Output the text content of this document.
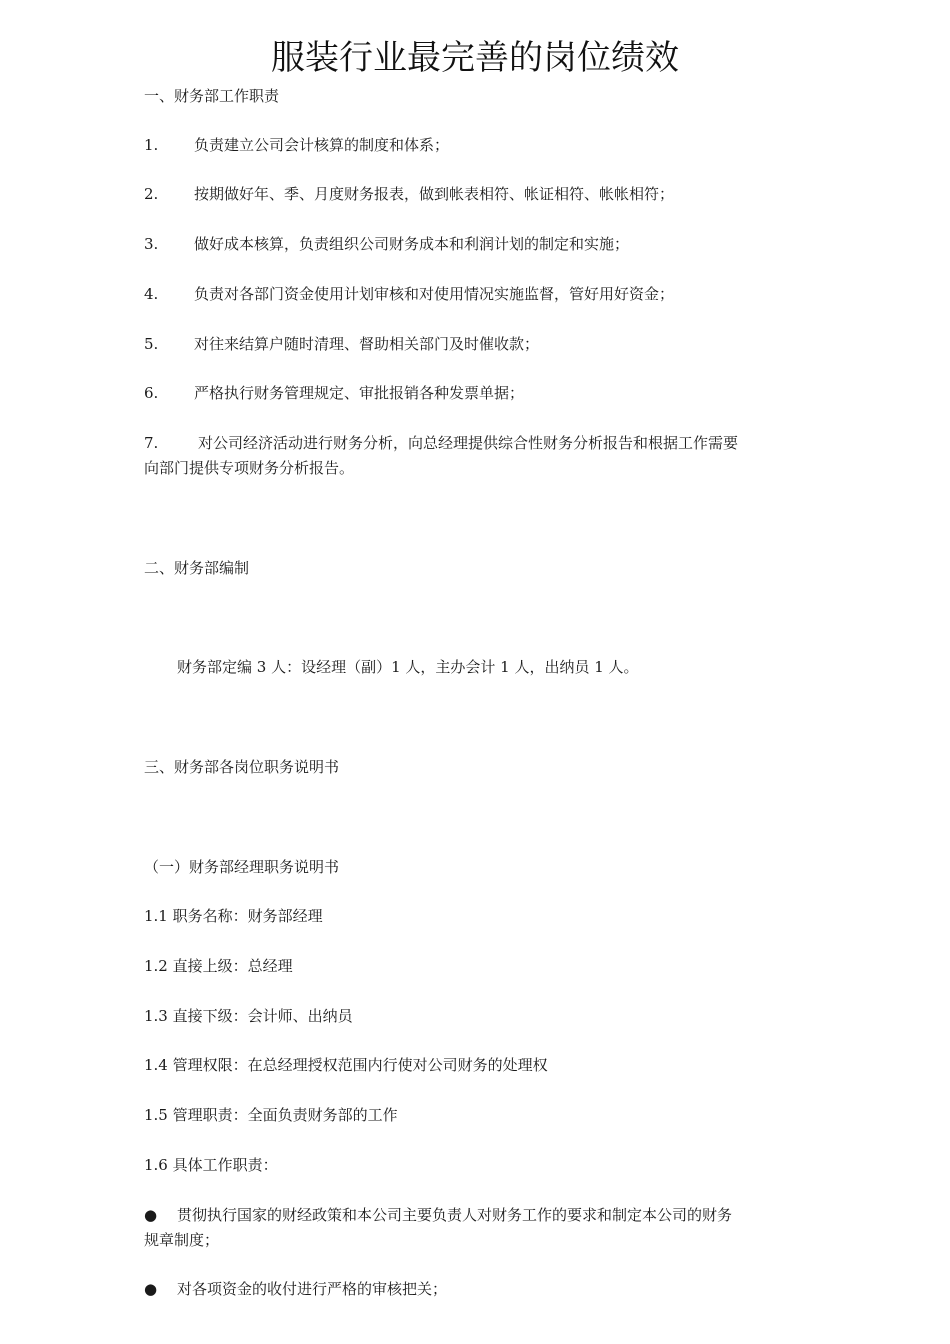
服装行业最完善的岗位绩效
一、财务部工作职责
1. 负责建立公司会计核算的制度和体系；
2. 按期做好年、季、月度财务报表，做到帐表相符、帐证相符、帐帐相符；
3. 做好成本核算，负责组织公司财务成本和利润计划的制定和实施；
4. 负责对各部门资金使用计划审核和对使用情况实施监督，管好用好资金；
5. 对往来结算户随时清理、督助相关部门及时催收款；
6. 严格执行财务管理规定、审批报销各种发票单据；
7.	对公司经济活动进行财务分析，向总经理提供综合性财务分析报告和根据工作需要
向部门提供专项财务分析报告。
二、财务部编制
财务部定编 3 人：设经理（副）1 人，主办会计 1 人，出纳员 1 人。
三、财务部各岗位职务说明书
（一）财务部经理职务说明书
1.1 职务名称：财务部经理
1.2 直接上级：总经理
1.3 直接下级：会计师、出纳员
1.4 管理权限：在总经理授权范围内行使对公司财务的处理权
1.5 管理职责：全面负责财务部的工作
1.6 具体工作职责：
● 贯彻执行国家的财经政策和本公司主要负责人对财务工作的要求和制定本公司的财务
规章制度；
● 对各项资金的收付进行严格的审核把关；
